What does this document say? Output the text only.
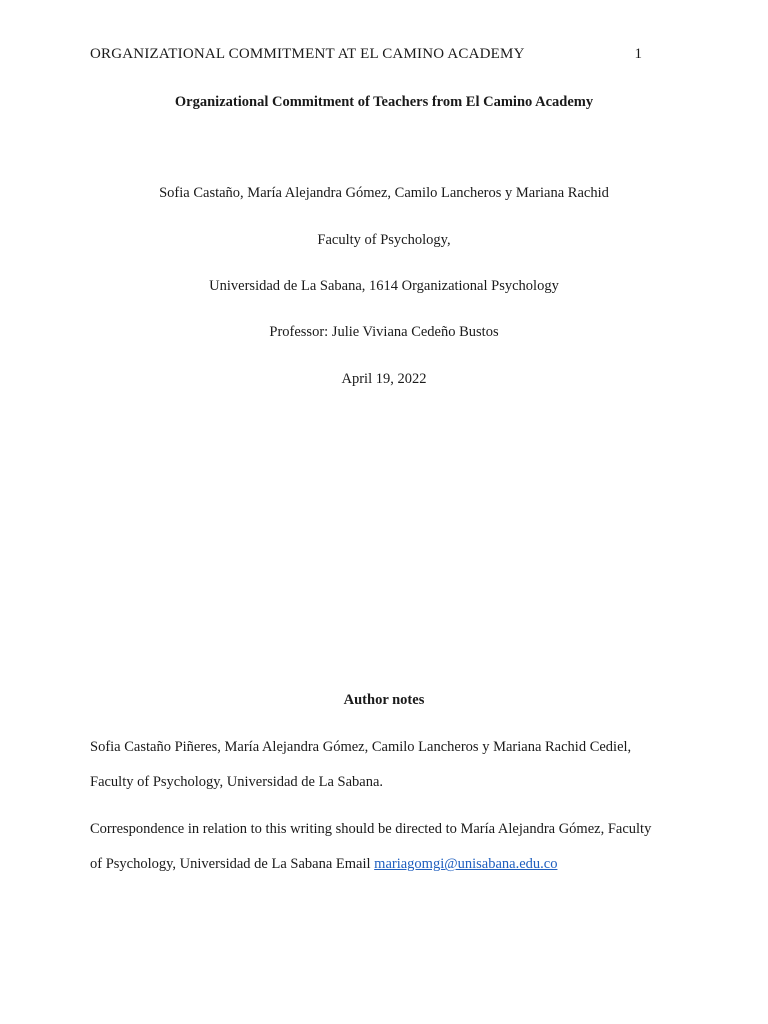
ORGANIZATIONAL COMMITMENT AT EL CAMINO ACADEMY	1
Organizational Commitment of Teachers from El Camino Academy
Sofia Castaño, María Alejandra Gómez, Camilo Lancheros y Mariana Rachid
Faculty of Psychology,
Universidad de La Sabana, 1614 Organizational Psychology
Professor: Julie Viviana Cedeño Bustos
April 19, 2022
Author notes
Sofia Castaño Piñeres, María Alejandra Gómez, Camilo Lancheros y Mariana Rachid Cediel,
Faculty of Psychology, Universidad de La Sabana.
Correspondence in relation to this writing should be directed to María Alejandra Gómez, Faculty
of Psychology, Universidad de La Sabana Email mariagomgi@unisabana.edu.co
